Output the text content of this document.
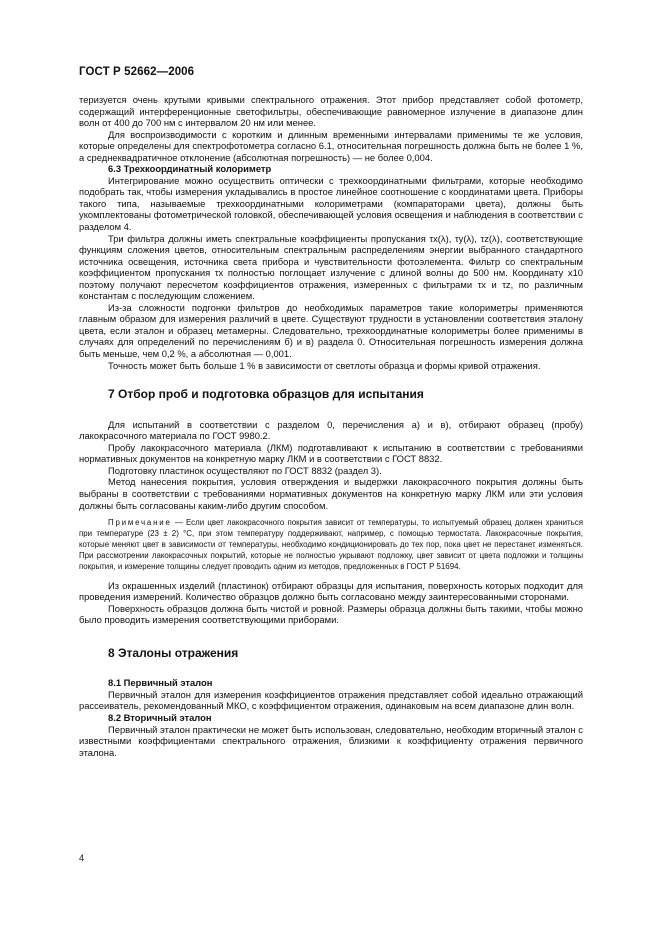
ГОСТ Р 52662—2006

теризуется очень крутыми кривыми спектрального отражения. Этот прибор представляет собой фотометр, содержащий интерференционные светофильтры, обеспечивающие равномерное излучение в диапазоне длин волн от 400 до 700 нм с интервалом 20 нм или менее.

Для воспроизводимости с коротким и длинным временными интервалами применимы те же условия, которые определены для спектрофотометра согласно 6.1, относительная погрешность должна быть не более 1 %, а среднеквадратичное отклонение (абсолютная погрешность) — не более 0,004.

6.3 Трехкоординатный колориметр

Интегрирование можно осуществить оптически с трехкоординатными фильтрами, которые необходимо подобрать так, чтобы измерения укладывались в простое линейное соотношение с координатами цвета. Приборы такого типа, называемые трехкоординатными колориметрами (компараторами цвета), должны быть укомплектованы фотометрической головкой, обеспечивающей условия освещения и наблюдения в соответствии с разделом 4.

Три фильтра должны иметь спектральные коэффициенты пропускания τx(λ), τy(λ), τz(λ), соответствующие функциям сложения цветов, относительным спектральным распределениям энергии выбранного стандартного источника освещения, источника света прибора и чувствительности фотоэлемента. Фильтр со спектральным коэффициентом пропускания τx полностью поглощает излучение с длиной волны до 500 нм. Координату x10 поэтому получают пересчетом коэффициентов отражения, измеренных с фильтрами τx и τz, по различным константам с последующим сложением.

Из-за сложности подгонки фильтров до необходимых параметров такие колориметры применяются главным образом для измерения различий в цвете. Существуют трудности в установлении соответствия эталону цвета, если эталон и образец метамерны. Следовательно, трехкоординатные колориметры более применимы в случаях для определений по перечислениям б) и в) раздела 0. Относительная погрешность измерения должна быть меньше, чем 0,2 %, а абсолютная — 0,001.

Точность может быть больше 1 % в зависимости от светлоты образца и формы кривой отражения.

7 Отбор проб и подготовка образцов для испытания

Для испытаний в соответствии с разделом 0, перечисления а) и в), отбирают образец (пробу) лакокрасочного материала по ГОСТ 9980.2.

Пробу лакокрасочного материала (ЛКМ) подготавливают к испытанию в соответствии с требованиями нормативных документов на конкретную марку ЛКМ и в соответствии с ГОСТ 8832.

Подготовку пластинок осуществляют по ГОСТ 8832 (раздел 3).

Метод нанесения покрытия, условия отверждения и выдержки лакокрасочного покрытия должны быть выбраны в соответствии с требованиями нормативных документов на конкретную марку ЛКМ или эти условия должны быть согласованы каким-либо другим способом.

Примечание — Если цвет лакокрасочного покрытия зависит от температуры, то испытуемый образец должен храниться при температуре (23 ± 2) °С, при этом температуру поддерживают, например, с помощью термостата. Лакокрасочные покрытия, которые меняют цвет в зависимости от температуры, необходимо кондиционировать до тех пор, пока цвет не перестанет изменяться. При рассмотрении лакокрасочных покрытий, которые не полностью укрывают подложку, цвет зависит от цвета подложки и толщины покрытия, и измерение толщины следует проводить одним из методов, предложенных в ГОСТ Р 51694.

Из окрашенных изделий (пластинок) отбирают образцы для испытания, поверхность которых подходит для проведения измерений. Количество образцов должно быть согласовано между заинтересованными сторонами.

Поверхность образцов должна быть чистой и ровной. Размеры образца должны быть такими, чтобы можно было проводить измерения соответствующими приборами.

8 Эталоны отражения

8.1 Первичный эталон

Первичный эталон для измерения коэффициентов отражения представляет собой идеально отражающий рассеиватель, рекомендованный МКО, с коэффициентом отражения, одинаковым на всем диапазоне длин волн.

8.2 Вторичный эталон

Первичный эталон практически не может быть использован, следовательно, необходим вторичный эталон с известными коэффициентами спектрального отражения, близкими к коэффициенту отражения первичного эталона.

4
